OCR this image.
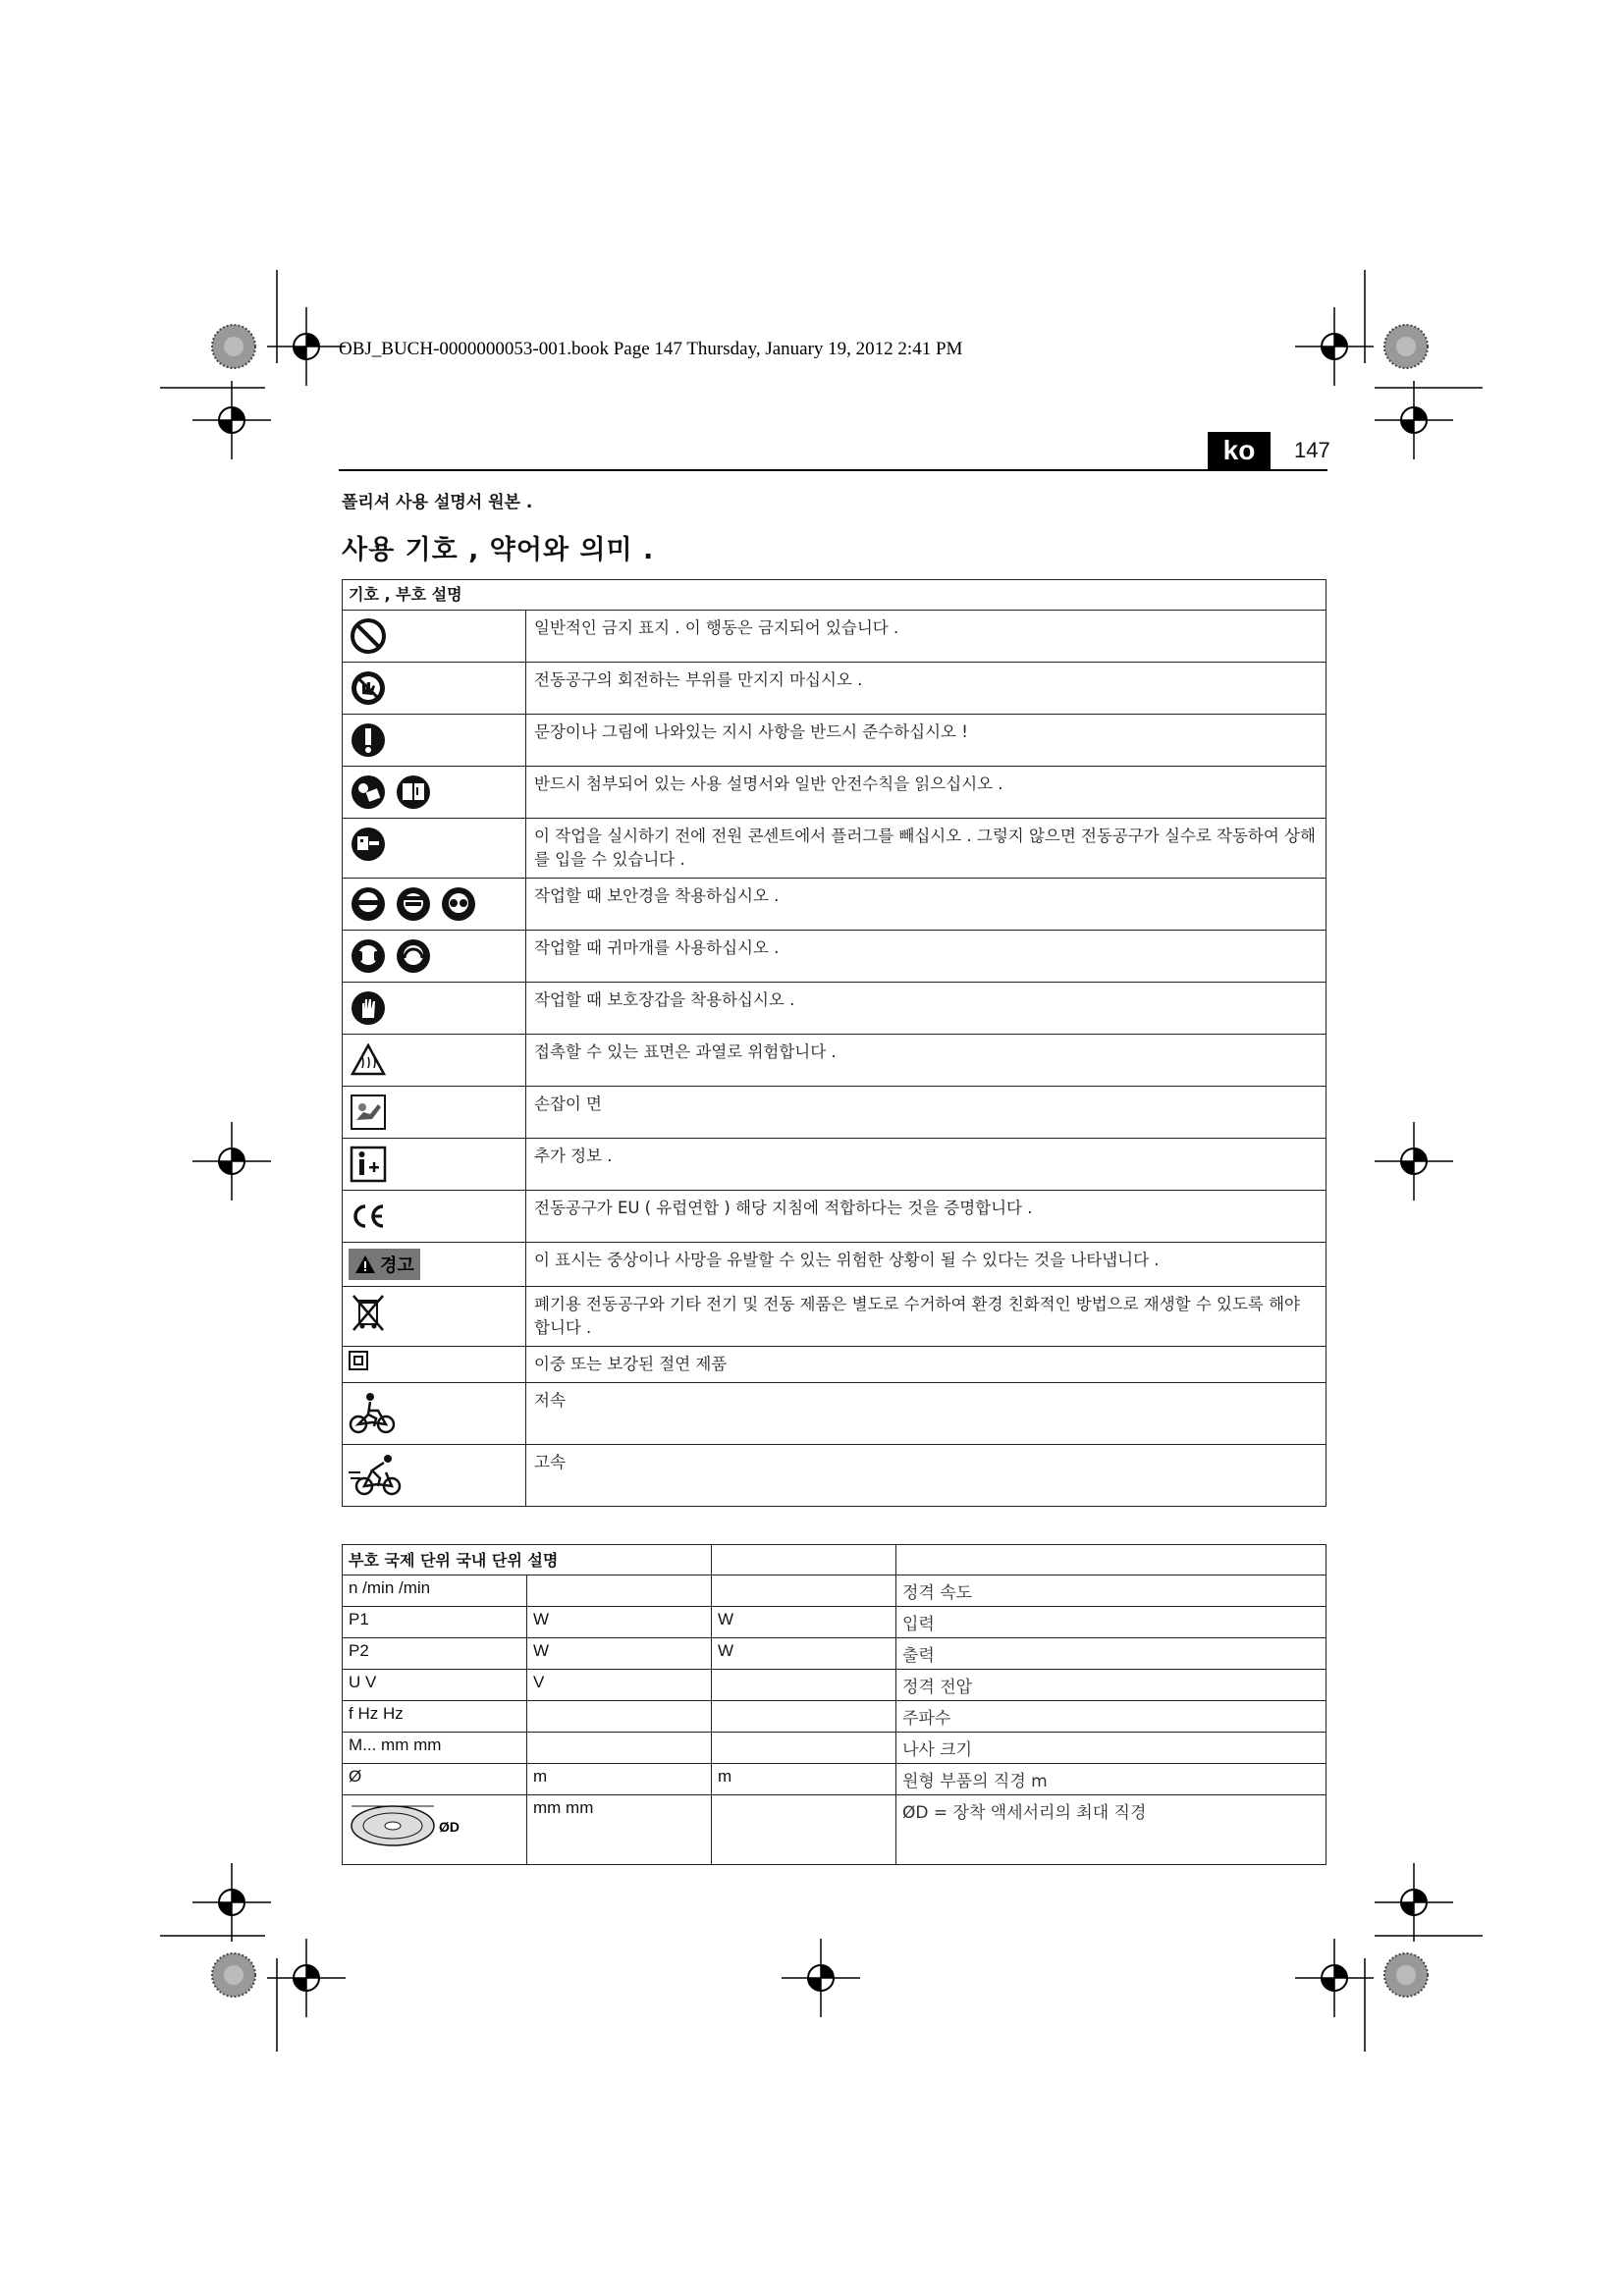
OBJ_BUCH-0000000053-001.book Page 147 Thursday, January 19, 2012 2:41 PM
ko	147
폴리셔 사용 설명서 원본 .
사용 기호 , 약어와 의미 .
기호 , 부호 설명	

	일반적인 금지 표지 . 이 행동은 금지되어 있습니다 .

	전동공구의 회전하는 부위를 만지지 마십시오 .

	문장이나 그림에 나와있는 지시 사항을 반드시 준수하십시오 !

	반드시 첨부되어 있는 사용 설명서와 일반 안전수칙을 읽으십시오 .

	이 작업을 실시하기 전에 전원 콘센트에서 플러그를 빼십시오 . 그렇지 않으면 전동공구가 실수로 작동하여 상해를 입을 수 있습니다 .

	작업할 때 보안경을 착용하십시오 .

	작업할 때 귀마개를 사용하십시오 .

	작업할 때 보호장갑을 착용하십시오 .

	접촉할 수 있는 표면은 과열로 위험합니다 .

	손잡이 면

	추가 정보 .

	전동공구가 EU ( 유럽연합 ) 해당 지침에 적합하다는 것을 증명합니다 .

경고	이 표시는 중상이나 사망을 유발할 수 있는 위험한 상황이 될 수 있다는 것을 나타냅니다 .

	폐기용 전동공구와 기타 전기 및 전동 제품은 별도로 수거하여 환경 친화적인 방법으로 재생할 수 있도록 해야 합니다 .

	이중 또는 보강된 절연 제품

	저속

	고속
부호 국제 단위 국내 단위 설명			
n /min /min			정격 속도
P1	W	W	입력
P2	W	W	출력
U V	V		정격 전압
f Hz Hz			주파수
M... mm mm			나사 크기
Ø	m	m	원형 부품의 직경 m

ØD	mm mm		ØD = 장착 액세서리의 최대 직경
